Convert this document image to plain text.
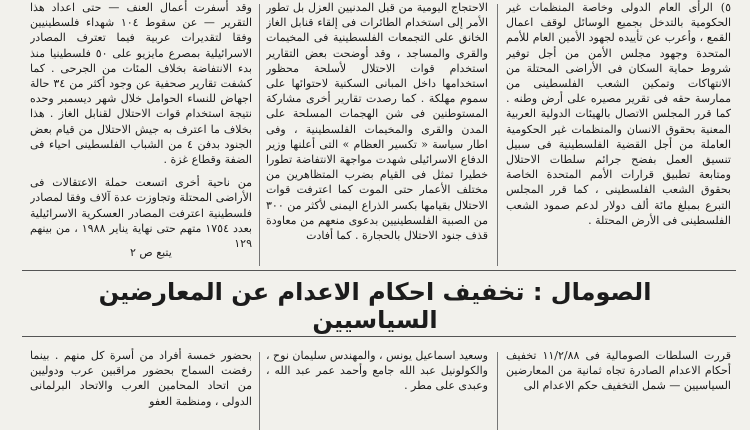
٥) الرأى العام الدولى وخاصة المنظمات غير الحكومية بالتدخل بجميع الوسائل لوقف اعمال القمع ، وأعرب عن تأييده لجهود الأمين العام للأمم المتحدة وجهود مجلس الأمن من أجل توفير شروط حماية السكان فى الأراضى المحتلة من الانتهاكات وتمكين الشعب الفلسطينى من ممارسة حقه فى تقرير مصيره على أرض وطنه . كما قرر المجلس الاتصال بالهيئات الدولية العربية المعنية بحقوق الانسان والمنظمات غير الحكومية العاملة من أجل القضية الفلسطينية فى سبيل تنسيق العمل بفضح جرائم سلطات الاحتلال ومتابعة تطبيق قرارات الأمم المتحدة الخاصة بحقوق الشعب الفلسطينى ، كما قرر المجلس التبرع بمبلغ مائة ألف دولار لدعم صمود الشعب الفلسطينى فى الأرض المحتلة .

الاحتجاج اليومية من قبل المدنيين العزل بل تطور الأمر إلى استخدام الطائرات فى إلقاء قنابل الغاز الخانق على التجمعات الفلسطينية فى المخيمات والقرى والمساجد ، وقد أوضحت بعض التقارير استخدام قوات الاحتلال لأسلحة محظور استخدامها داخل المبانى السكنية لاحتوائها على سموم مهلكة . كما رصدت تقارير أخرى مشاركة المستوطنين فى شن الهجمات المسلحة على المدن والقرى والمخيمات الفلسطينية ، وفى اطار سياسة « تكسير العظام » التى أعلنها وزير الدفاع الاسرائيلى شهدت مواجهة الانتفاضة تطورا خطيرا تمثل فى القيام بضرب المتظاهرين من مختلف الأعمار حتى الموت كما اعترفت قوات الاحتلال بقيامها بكسر الذراع اليمنى لأكثر من ٣٠٠ من الصبية الفلسطينيين بدعوى منعهم من معاودة قذف جنود الاحتلال بالحجارة . كما أفادت

وقد أسفرت أعمال العنف — حتى اعداد هذا التقرير — عن سقوط ١٠٤ شهداء فلسطينيين وفقا لتقديرات عربية فيما تعترف المصادر الاسرائيلية بمصرع مايزيو على ٥٠ فلسطينيا منذ بدء الانتفاضة بخلاف المئات من الجرحى . كما كشفت تقارير صحفية عن وجود أكثر من ٣٤ حالة اجهاض للنساء الحوامل خلال شهر ديسمبر وحده نتيجة استخدام قوات الاحتلال لقنابل الغاز . هذا بخلاف ما اعترف به جيش الاحتلال من قيام بعض الجنود بدفن ٤ من الشباب الفلسطينى احياء فى الضفة وقطاع غزة .

من ناحية أخرى اتسعت حملة الاعتقالات فى الأراضى المحتلة وتجاوزت عدة آلاف وفقا لمصادر فلسطينية اعترفت المصادر العسكرية الاسرائيلية بعدد ١٧٥٤ متهم حتى نهاية يناير ١٩٨٨ ، من بينهم ١٢٩

يتبع ص ٢
الصومال : تخفيف احكام الاعدام عن المعارضين السياسيين

قررت السلطات الصومالية فى ١١/٢/٨٨ تخفيف أحكام الاعدام الصادرة تجاه ثمانية من المعارضين السياسيين — شمل التخفيف حكم الاعدام الى

وسعيد اسماعيل يونس ، والمهندس سليمان نوح ، والكولونيل عبد الله جامع وأحمد عمر عبد الله ، وعبدى على مطر .

بحضور خمسة أفراد من أسرة كل منهم . بينما رفضت السماح بحضور مراقبين عرب ودوليين من اتحاد المحامين العرب والاتحاد البرلمانى الدولى ، ومنظمة العفو
